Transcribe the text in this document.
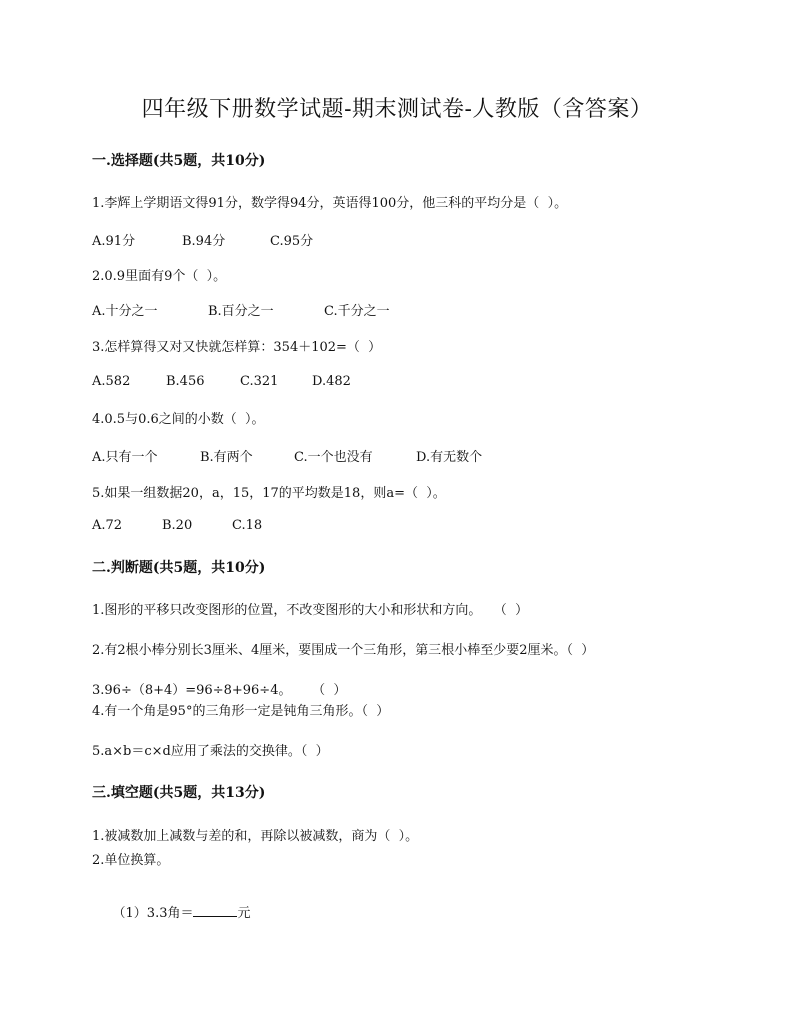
四年级下册数学试题-期末测试卷-人教版（含答案）
一.选择题(共5题，共10分)
1.李辉上学期语文得91分，数学得94分，英语得100分，他三科的平均分是（  ）。
A.91分	B.94分	C.95分
2.0.9里面有9个（  ）。
A.十分之一	B.百分之一	C.千分之一
3.怎样算得又对又快就怎样算：354＋102=（  ）
A.582	B.456	C.321	D.482
4.0.5与0.6之间的小数（  ）。
A.只有一个	B.有两个	C.一个也没有	D.有无数个
5.如果一组数据20，a，15，17的平均数是18，则a=（  ）。
A.72	B.20	C.18
二.判断题(共5题，共10分)
1.图形的平移只改变图形的位置，不改变图形的大小和形状和方向。   （  ）
2.有2根小棒分别长3厘米、4厘米，要围成一个三角形，第三根小棒至少要2厘米。（  ）
3.96÷（8+4）=96÷8+96÷4。     （  ）
4.有一个角是95°的三角形一定是钝角三角形。（  ）
5.a×b＝c×d应用了乘法的交换律。（  ）
三.填空题(共5题，共13分)
1.被减数加上减数与差的和，再除以被减数，商为（  ）。
2.单位换算。

（1）3.3角＝	元
